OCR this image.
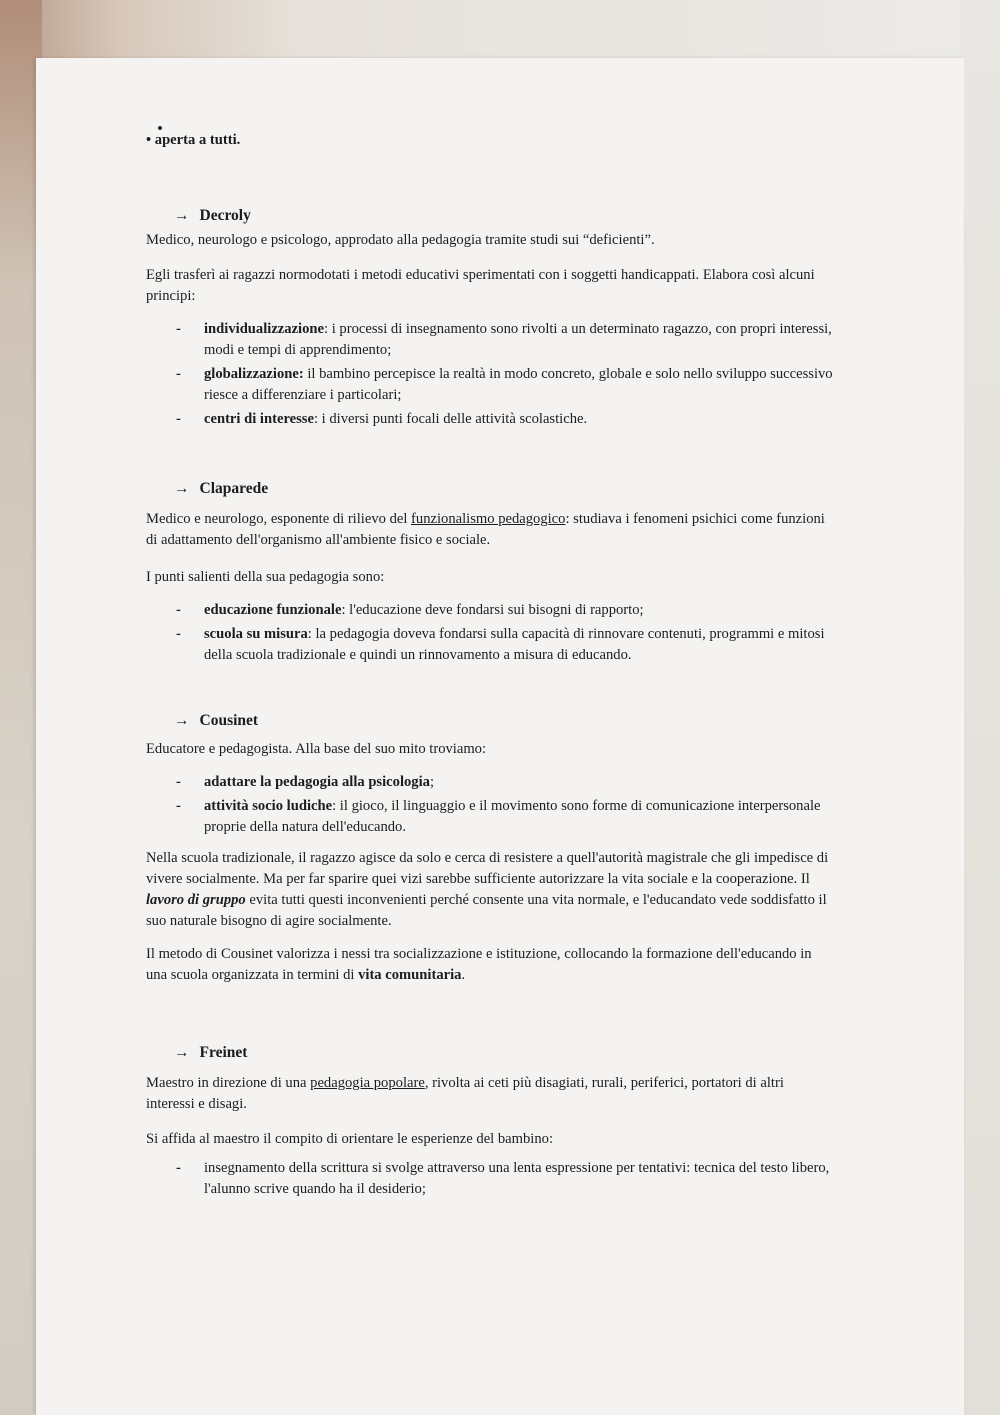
• aperta a tutti.

→ Decroly

Medico, neurologo e psicologo, approdato alla pedagogia tramite studi sui “deficienti”.

Egli trasferì ai ragazzi normodotati i metodi educativi sperimentati con i soggetti handicappati. Elabora così alcuni principi:

- individualizzazione: i processi di insegnamento sono rivolti a un determinato ragazzo, con propri interessi, modi e tempi di apprendimento;
- globalizzazione: il bambino percepisce la realtà in modo concreto, globale e solo nello sviluppo successivo riesce a differenziare i particolari;
- centri di interesse: i diversi punti focali delle attività scolastiche.
→ Claparede

Medico e neurologo, esponente di rilievo del funzionalismo pedagogico: studiava i fenomeni psichici come funzioni di adattamento dell'organismo all'ambiente fisico e sociale.

I punti salienti della sua pedagogia sono:

- educazione funzionale: l'educazione deve fondarsi sui bisogni di rapporto;
- scuola su misura: la pedagogia doveva fondarsi sulla capacità di rinnovare contenuti, programmi e mitosi della scuola tradizionale e quindi un rinnovamento a misura di educando.
→ Cousinet

Educatore e pedagogista. Alla base del suo mito troviamo:

- adattare la pedagogia alla psicologia;
- attività socio ludiche: il gioco, il linguaggio e il movimento sono forme di comunicazione interpersonale proprie della natura dell'educando.

Nella scuola tradizionale, il ragazzo agisce da solo e cerca di resistere a quell'autorità magistrale che gli impedisce di vivere socialmente. Ma per far sparire quei vizi sarebbe sufficiente autorizzare la vita sociale e la cooperazione. Il lavoro di gruppo evita tutti questi inconvenienti perché consente una vita normale, e l'educandato vede soddisfatto il suo naturale bisogno di agire socialmente.

Il metodo di Cousinet valorizza i nessi tra socializzazione e istituzione, collocando la formazione dell'educando in una scuola organizzata in termini di vita comunitaria.

→ Freinet

Maestro in direzione di una pedagogia popolare, rivolta ai ceti più disagiati, rurali, periferici, portatori di altri interessi e disagi.

Si affida al maestro il compito di orientare le esperienze del bambino:

- insegnamento della scrittura si svolge attraverso una lenta espressione per tentativi: tecnica del testo libero, l'alunno scrive quando ha il desiderio;
